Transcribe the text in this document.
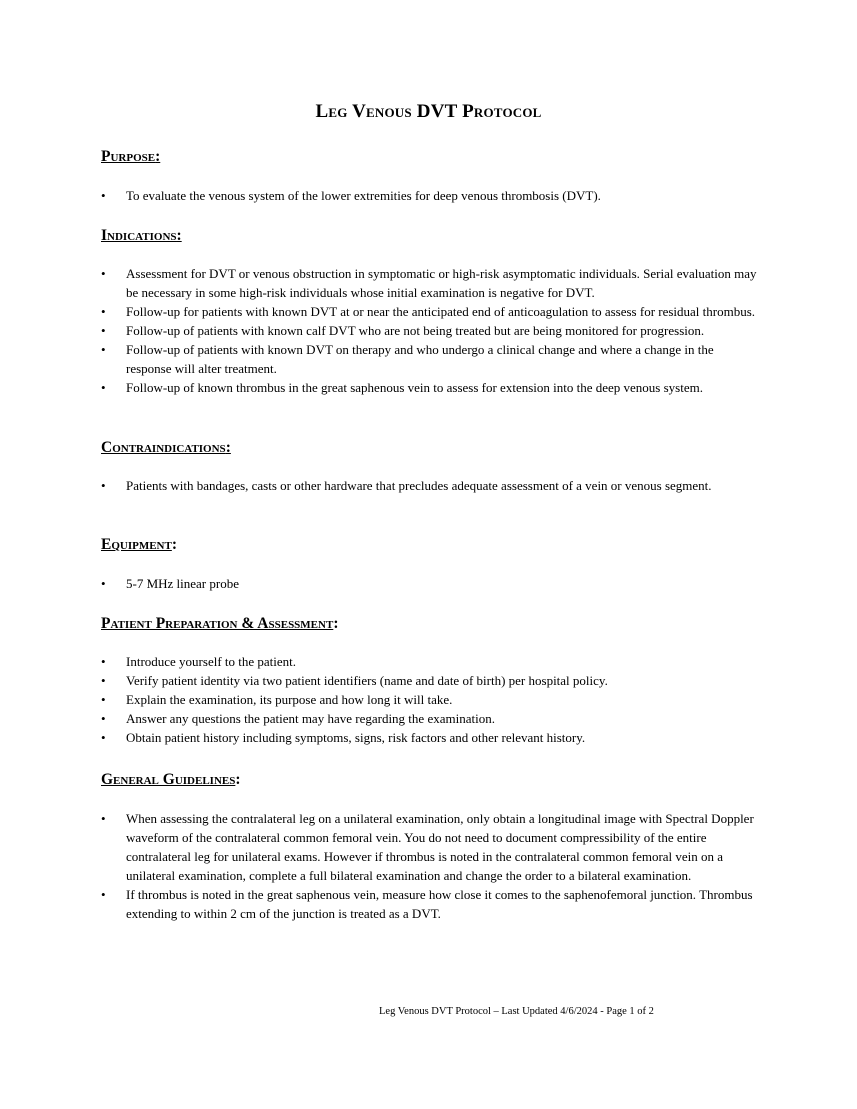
Leg Venous DVT Protocol
Purpose:
• To evaluate the venous system of the lower extremities for deep venous thrombosis (DVT).
Indications:
• Assessment for DVT or venous obstruction in symptomatic or high-risk asymptomatic individuals. Serial evaluation may be necessary in some high-risk individuals whose initial examination is negative for DVT.
• Follow-up for patients with known DVT at or near the anticipated end of anticoagulation to assess for residual thrombus.
• Follow-up of patients with known calf DVT who are not being treated but are being monitored for progression.
• Follow-up of patients with known DVT on therapy and who undergo a clinical change and where a change in the response will alter treatment.
• Follow-up of known thrombus in the great saphenous vein to assess for extension into the deep venous system.
Contraindications:
• Patients with bandages, casts or other hardware that precludes adequate assessment of a vein or venous segment.
Equipment:
• 5-7 MHz linear probe
Patient Preparation & Assessment:
• Introduce yourself to the patient.
• Verify patient identity via two patient identifiers (name and date of birth) per hospital policy.
• Explain the examination, its purpose and how long it will take.
• Answer any questions the patient may have regarding the examination.
• Obtain patient history including symptoms, signs, risk factors and other relevant history.
General Guidelines:
• When assessing the contralateral leg on a unilateral examination, only obtain a longitudinal image with Spectral Doppler waveform of the contralateral common femoral vein. You do not need to document compressibility of the entire contralateral leg for unilateral exams. However if thrombus is noted in the contralateral common femoral vein on a unilateral examination, complete a full bilateral examination and change the order to a bilateral examination.
• If thrombus is noted in the great saphenous vein, measure how close it comes to the saphenofemoral junction. Thrombus extending to within 2 cm of the junction is treated as a DVT.
Leg Venous DVT Protocol – Last Updated 4/6/2024 - Page 1 of 2
